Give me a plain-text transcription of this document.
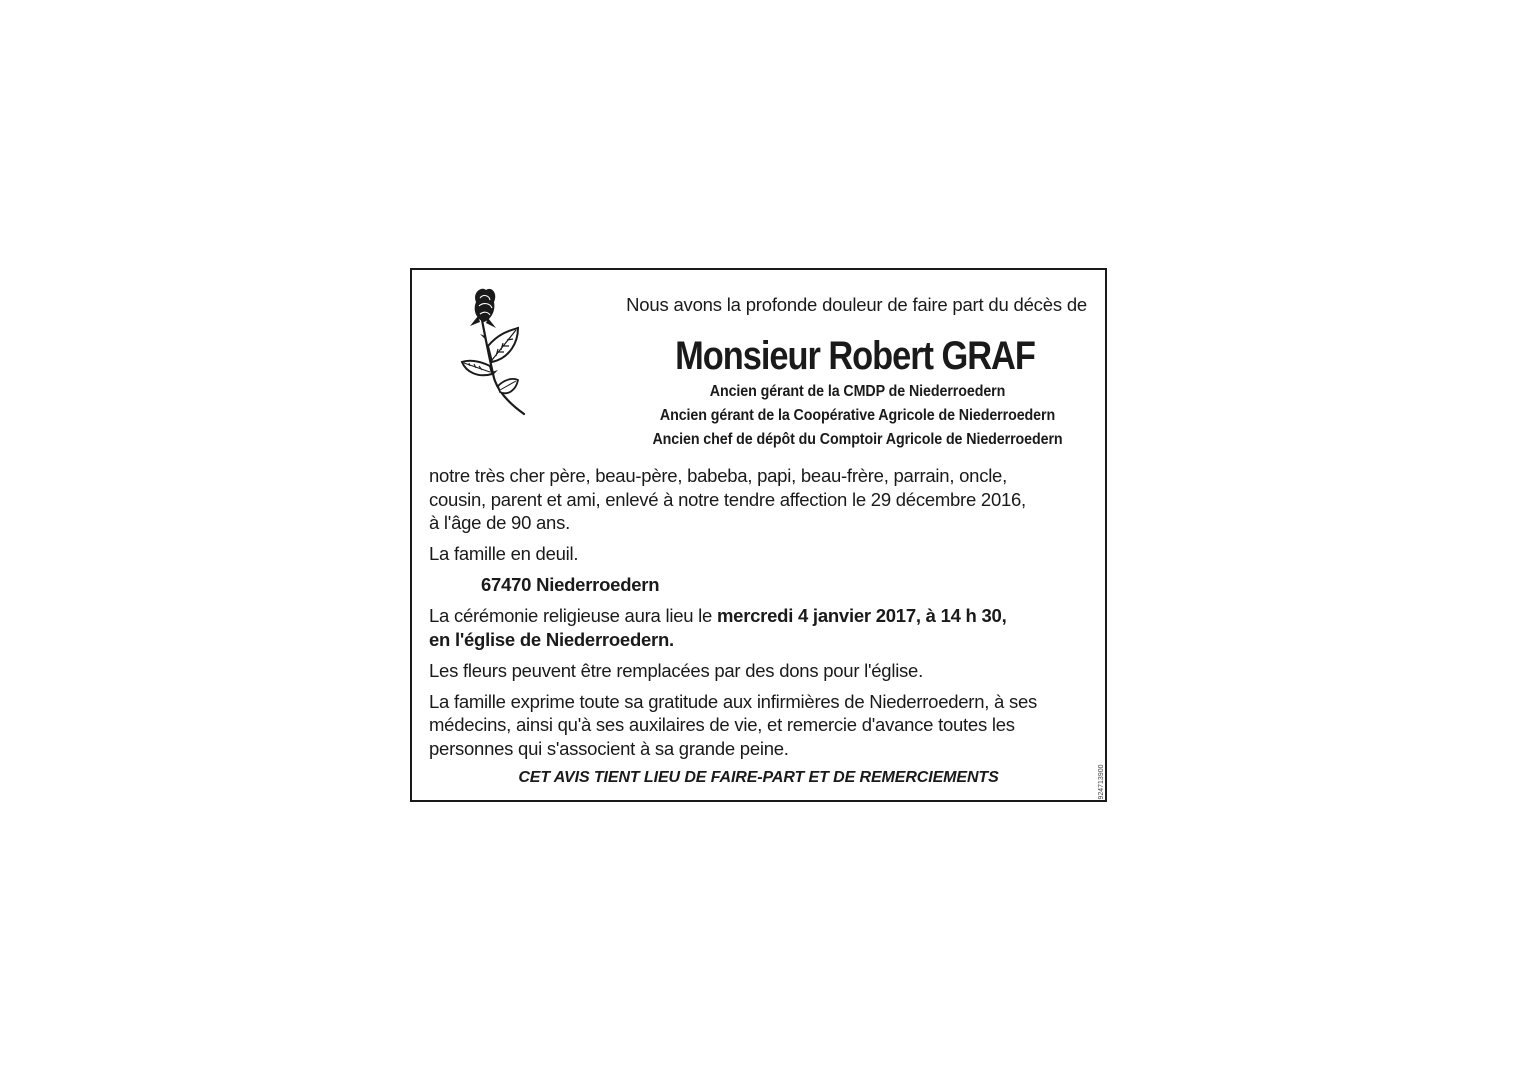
Nous avons la profonde douleur de faire part du décès de
Monsieur Robert GRAF
Ancien gérant de la CMDP de Niederroedern
Ancien gérant de la Coopérative Agricole de Niederroedern
Ancien chef de dépôt du Comptoir Agricole de Niederroedern

notre très cher père, beau-père, babeba, papi, beau-frère, parrain, oncle,
cousin, parent et ami, enlevé à notre tendre affection le 29 décembre 2016,
à l'âge de 90 ans.

La famille en deuil.

67470 Niederroedern

La cérémonie religieuse aura lieu le mercredi 4 janvier 2017, à 14 h 30,
en l'église de Niederroedern.

Les fleurs peuvent être remplacées par des dons pour l'église.

La famille exprime toute sa gratitude aux infirmières de Niederroedern, à ses
médecins, ainsi qu'à ses auxilaires de vie, et remercie d'avance toutes les
personnes qui s'associent à sa grande peine.

CET AVIS TIENT LIEU DE FAIRE-PART ET DE REMERCIEMENTS	924713900
